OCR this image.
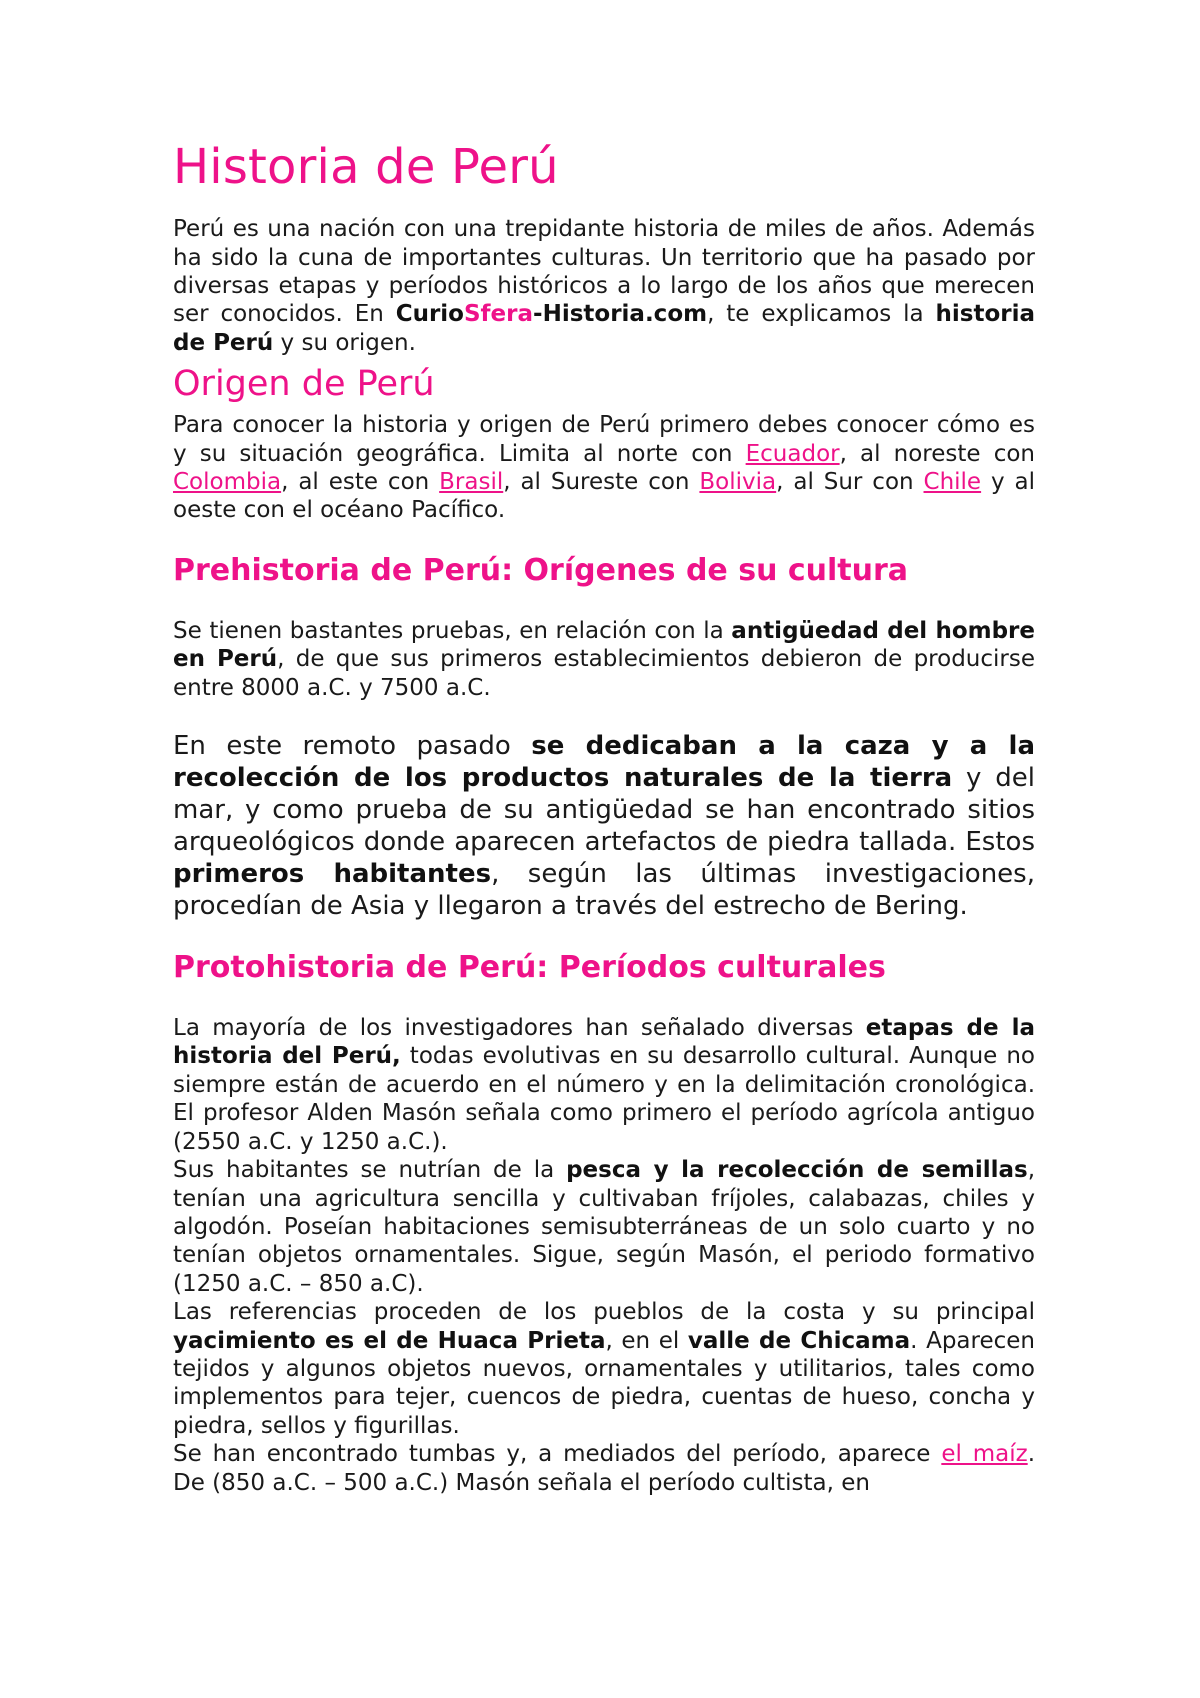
Historia de Perú

Perú es una nación con una trepidante historia de miles de años. Además ha sido la cuna de importantes culturas. Un territorio que ha pasado por diversas etapas y períodos históricos a lo largo de los años que merecen ser conocidos. En CurioSfera-Historia.com, te explicamos la historia de Perú y su origen.

Origen de Perú

Para conocer la historia y origen de Perú primero debes conocer cómo es y su situación geográfica. Limita al norte con Ecuador, al noreste con Colombia, al este con Brasil, al Sureste con Bolivia, al Sur con Chile y al oeste con el océano Pacífico.

Prehistoria de Perú: Orígenes de su cultura

Se tienen bastantes pruebas, en relación con la antigüedad del hombre en Perú, de que sus primeros establecimientos debieron de producirse entre 8000 a.C. y 7500 a.C.

En este remoto pasado se dedicaban a la caza y a la recolección de los productos naturales de la tierra y del mar, y como prueba de su antigüedad se han encontrado sitios arqueológicos donde aparecen artefactos de piedra tallada. Estos primeros habitantes, según las últimas investigaciones, procedían de Asia y llegaron a través del estrecho de Bering.

Protohistoria de Perú: Períodos culturales

La mayoría de los investigadores han señalado diversas etapas de la historia del Perú, todas evolutivas en su desarrollo cultural. Aunque no siempre están de acuerdo en el número y en la delimitación cronológica. El profesor Alden Masón señala como primero el período agrícola antiguo (2550 a.C. y 1250 a.C.).

Sus habitantes se nutrían de la pesca y la recolección de semillas, tenían una agricultura sencilla y cultivaban fríjoles, calabazas, chiles y algodón. Poseían habitaciones semisubterráneas de un solo cuarto y no tenían objetos ornamentales. Sigue, según Masón, el periodo formativo (1250 a.C. – 850 a.C).

Las referencias proceden de los pueblos de la costa y su principal yacimiento es el de Huaca Prieta, en el valle de Chicama. Aparecen tejidos y algunos objetos nuevos, ornamentales y utilitarios, tales como implementos para tejer, cuencos de piedra, cuentas de hueso, concha y piedra, sellos y figurillas.

Se han encontrado tumbas y, a mediados del período, aparece el maíz. De (850 a.C. – 500 a.C.) Masón señala el período cultista, en
